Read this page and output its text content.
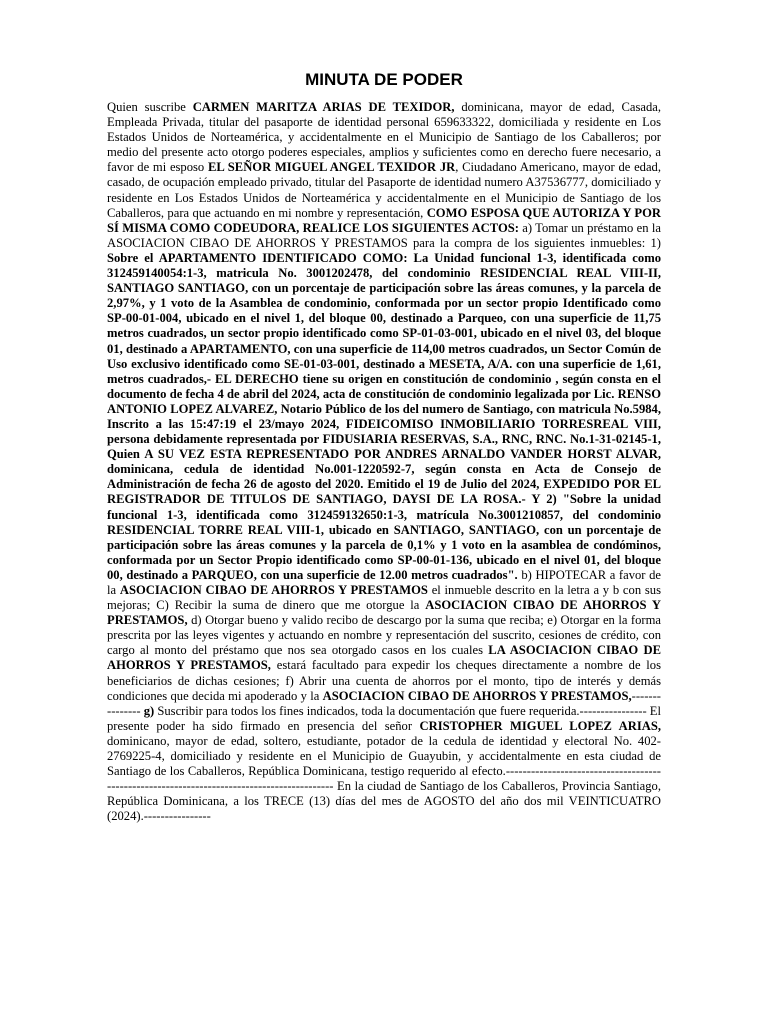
MINUTA DE PODER

Quien suscribe CARMEN MARITZA ARIAS DE TEXIDOR, dominicana, mayor de edad, Casada, Empleada Privada, titular del pasaporte de identidad personal 659633322, domiciliada y residente en Los Estados Unidos de Norteamérica, y accidentalmente en el Municipio de Santiago de los Caballeros; por medio del presente acto otorgo poderes especiales, amplios y suficientes como en derecho fuere necesario, a favor de mi esposo EL SEÑOR MIGUEL ANGEL TEXIDOR JR, Ciudadano Americano, mayor de edad, casado, de ocupación empleado privado, titular del Pasaporte de identidad numero A37536777, domiciliado y residente en Los Estados Unidos de Norteamérica y accidentalmente en el Municipio de Santiago de los Caballeros, para que actuando en mi nombre y representación, COMO ESPOSA QUE AUTORIZA Y POR SÍ MISMA COMO CODEUDORA, REALICE LOS SIGUIENTES ACTOS: a) Tomar un préstamo en la ASOCIACION CIBAO DE AHORROS Y PRESTAMOS para la compra de los siguientes inmuebles: 1) Sobre el APARTAMENTO IDENTIFICADO COMO: La Unidad funcional 1-3, identificada como 312459140054:1-3, matricula No. 3001202478, del condominio RESIDENCIAL REAL VIII-II, SANTIAGO SANTIAGO, con un porcentaje de participación sobre las áreas comunes, y la parcela de 2,97%, y 1 voto de la Asamblea de condominio, conformada por un sector propio Identificado como SP-00-01-004, ubicado en el nivel 1, del bloque 00, destinado a Parqueo, con una superficie de 11,75 metros cuadrados, un sector propio identificado como SP-01-03-001, ubicado en el nivel 03, del bloque 01, destinado a APARTAMENTO, con una superficie de 114,00 metros cuadrados, un Sector Común de Uso exclusivo identificado como SE-01-03-001, destinado a MESETA, A/A. con una superficie de 1,61, metros cuadrados,- EL DERECHO tiene su origen en constitución de condominio , según consta en el documento de fecha 4 de abril del 2024, acta de constitución de condominio legalizada por Lic. RENSO ANTONIO LOPEZ ALVAREZ, Notario Público de los del numero de Santiago, con matricula No.5984, Inscrito a las 15:47:19 el 23/mayo 2024, FIDEICOMISO INMOBILIARIO TORRESREAL VIII, persona debidamente representada por FIDUSIARIA RESERVAS, S.A., RNC, RNC. No.1-31-02145-1, Quien A SU VEZ ESTA REPRESENTADO POR ANDRES ARNALDO VANDER HORST ALVAR, dominicana, cedula de identidad No.001-1220592-7, según consta en Acta de Consejo de Administración de fecha 26 de agosto del 2020. Emitido el 19 de Julio del 2024, EXPEDIDO POR EL REGISTRADOR DE TITULOS DE SANTIAGO, DAYSI DE LA ROSA.- Y 2) "Sobre la unidad funcional 1-3, identificada como 312459132650:1-3, matrícula No.3001210857, del condominio RESIDENCIAL TORRE REAL VIII-1, ubicado en SANTIAGO, SANTIAGO, con un porcentaje de participación sobre las áreas comunes y la parcela de 0,1% y 1 voto en la asamblea de condóminos, conformada por un Sector Propio identificado como SP-00-01-136, ubicado en el nivel 01, del bloque 00, destinado a PARQUEO, con una superficie de 12.00 metros cuadrados". b) HIPOTECAR a favor de la ASOCIACION CIBAO DE AHORROS Y PRESTAMOS el inmueble descrito en la letra a y b con sus mejoras; C) Recibir la suma de dinero que me otorgue la ASOCIACION CIBAO DE AHORROS Y PRESTAMOS, d) Otorgar bueno y valido recibo de descargo por la suma que reciba; e) Otorgar en la forma prescrita por las leyes vigentes y actuando en nombre y representación del suscrito, cesiones de crédito, con cargo al monto del préstamo que nos sea otorgado casos en los cuales LA ASOCIACION CIBAO DE AHORROS Y PRESTAMOS, estará facultado para expedir los cheques directamente a nombre de los beneficiarios de dichas cesiones; f) Abrir una cuenta de ahorros por el monto, tipo de interés y demás condiciones que decida mi apoderado y la ASOCIACION CIBAO DE AHORROS Y PRESTAMOS,--------------- g) Suscribir para todos los fines indicados, toda la documentación que fuere requerida.---------------- El presente poder ha sido firmado en presencia del señor CRISTOPHER MIGUEL LOPEZ ARIAS, dominicano, mayor de edad, soltero, estudiante, potador de la cedula de identidad y electoral No. 402-2769225-4, domiciliado y residente en el Municipio de Guayubin, y accidentalmente en esta ciudad de Santiago de los Caballeros, República Dominicana, testigo requerido al efecto.------------------------------------------------------------------------------------------- En la ciudad de Santiago de los Caballeros, Provincia Santiago, República Dominicana, a los TRECE (13) días del mes de AGOSTO del año dos mil VEINTICUATRO (2024).----------------
